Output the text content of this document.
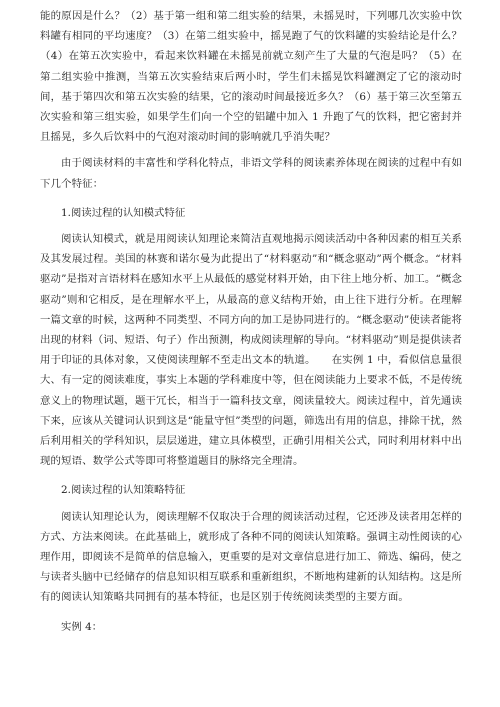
能的原因是什么？（2）基于第一组和第二组实验的结果，未摇晃时，下列哪几次实验中饮料罐有相同的平均速度？（3）在第二组实验中，摇晃跑了气的饮料罐的实验结论是什么？（4）在第五次实验中，看起来饮料罐在未摇晃前就立刻产生了大量的气泡是吗？（5）在第二组实验中推测，当第五次实验结束后两小时，学生们未摇晃饮料罐测定了它的滚动时间，基于第四次和第五次实验的结果，它的滚动时间最接近多久？（6）基于第三次至第五次实验和第三组实验，如果学生们向一个空的铝罐中加入 1 升跑了气的饮料，把它密封并且摇晃，多久后饮料中的气泡对滚动时间的影响就几乎消失呢？

由于阅读材料的丰富性和学科化特点，非语文学科的阅读素养体现在阅读的过程中有如下几个特征：

1.阅读过程的认知模式特征

阅读认知模式，就是用阅读认知理论来简洁直观地揭示阅读活动中各种因素的相互关系及其发展过程。美国的林赛和诺尔曼为此提出了“材料驱动”和“概念驱动”两个概念。“材料驱动”是指对言语材料在感知水平上从最低的感觉材料开始，由下往上地分析、加工。“概念驱动”则和它相反，是在理解水平上，从最高的意义结构开始，由上往下进行分析。在理解一篇文章的时候，这两种不同类型、不同方向的加工是协同进行的。“概念驱动”使读者能将出现的材料（词、短语、句子）作出预测，构成阅读理解的导向。“材料驱动”则是提供读者用于印证的具体对象，又使阅读理解不至走出文本的轨道。　　在实例 1 中，看似信息量很大、有一定的阅读难度，事实上本题的学科难度中等，但在阅读能力上要求不低，不是传统意义上的物理试题，题干冗长，相当于一篇科技文章，阅读量较大。阅读过程中，首先通读下来，应该从关键词认识到这是“能量守恒”类型的问题，筛选出有用的信息，排除干扰，然后利用相关的学科知识，层层递进，建立具体模型，正确引用相关公式，同时利用材料中出现的短语、数学公式等即可将整道题目的脉络完全理清。

2.阅读过程的认知策略特征

阅读认知理论认为，阅读理解不仅取决于合理的阅读活动过程，它还涉及读者用怎样的方式、方法来阅读。在此基础上，就形成了各种不同的阅读认知策略。强调主动性阅读的心理作用，即阅读不是简单的信息输入，更重要的是对文章信息进行加工、筛选、编码，使之与读者头脑中已经储存的信息知识相互联系和重新组织，不断地构建新的认知结构。这是所有的阅读认知策略共同拥有的基本特征，也是区别于传统阅读类型的主要方面。

实例 4：
